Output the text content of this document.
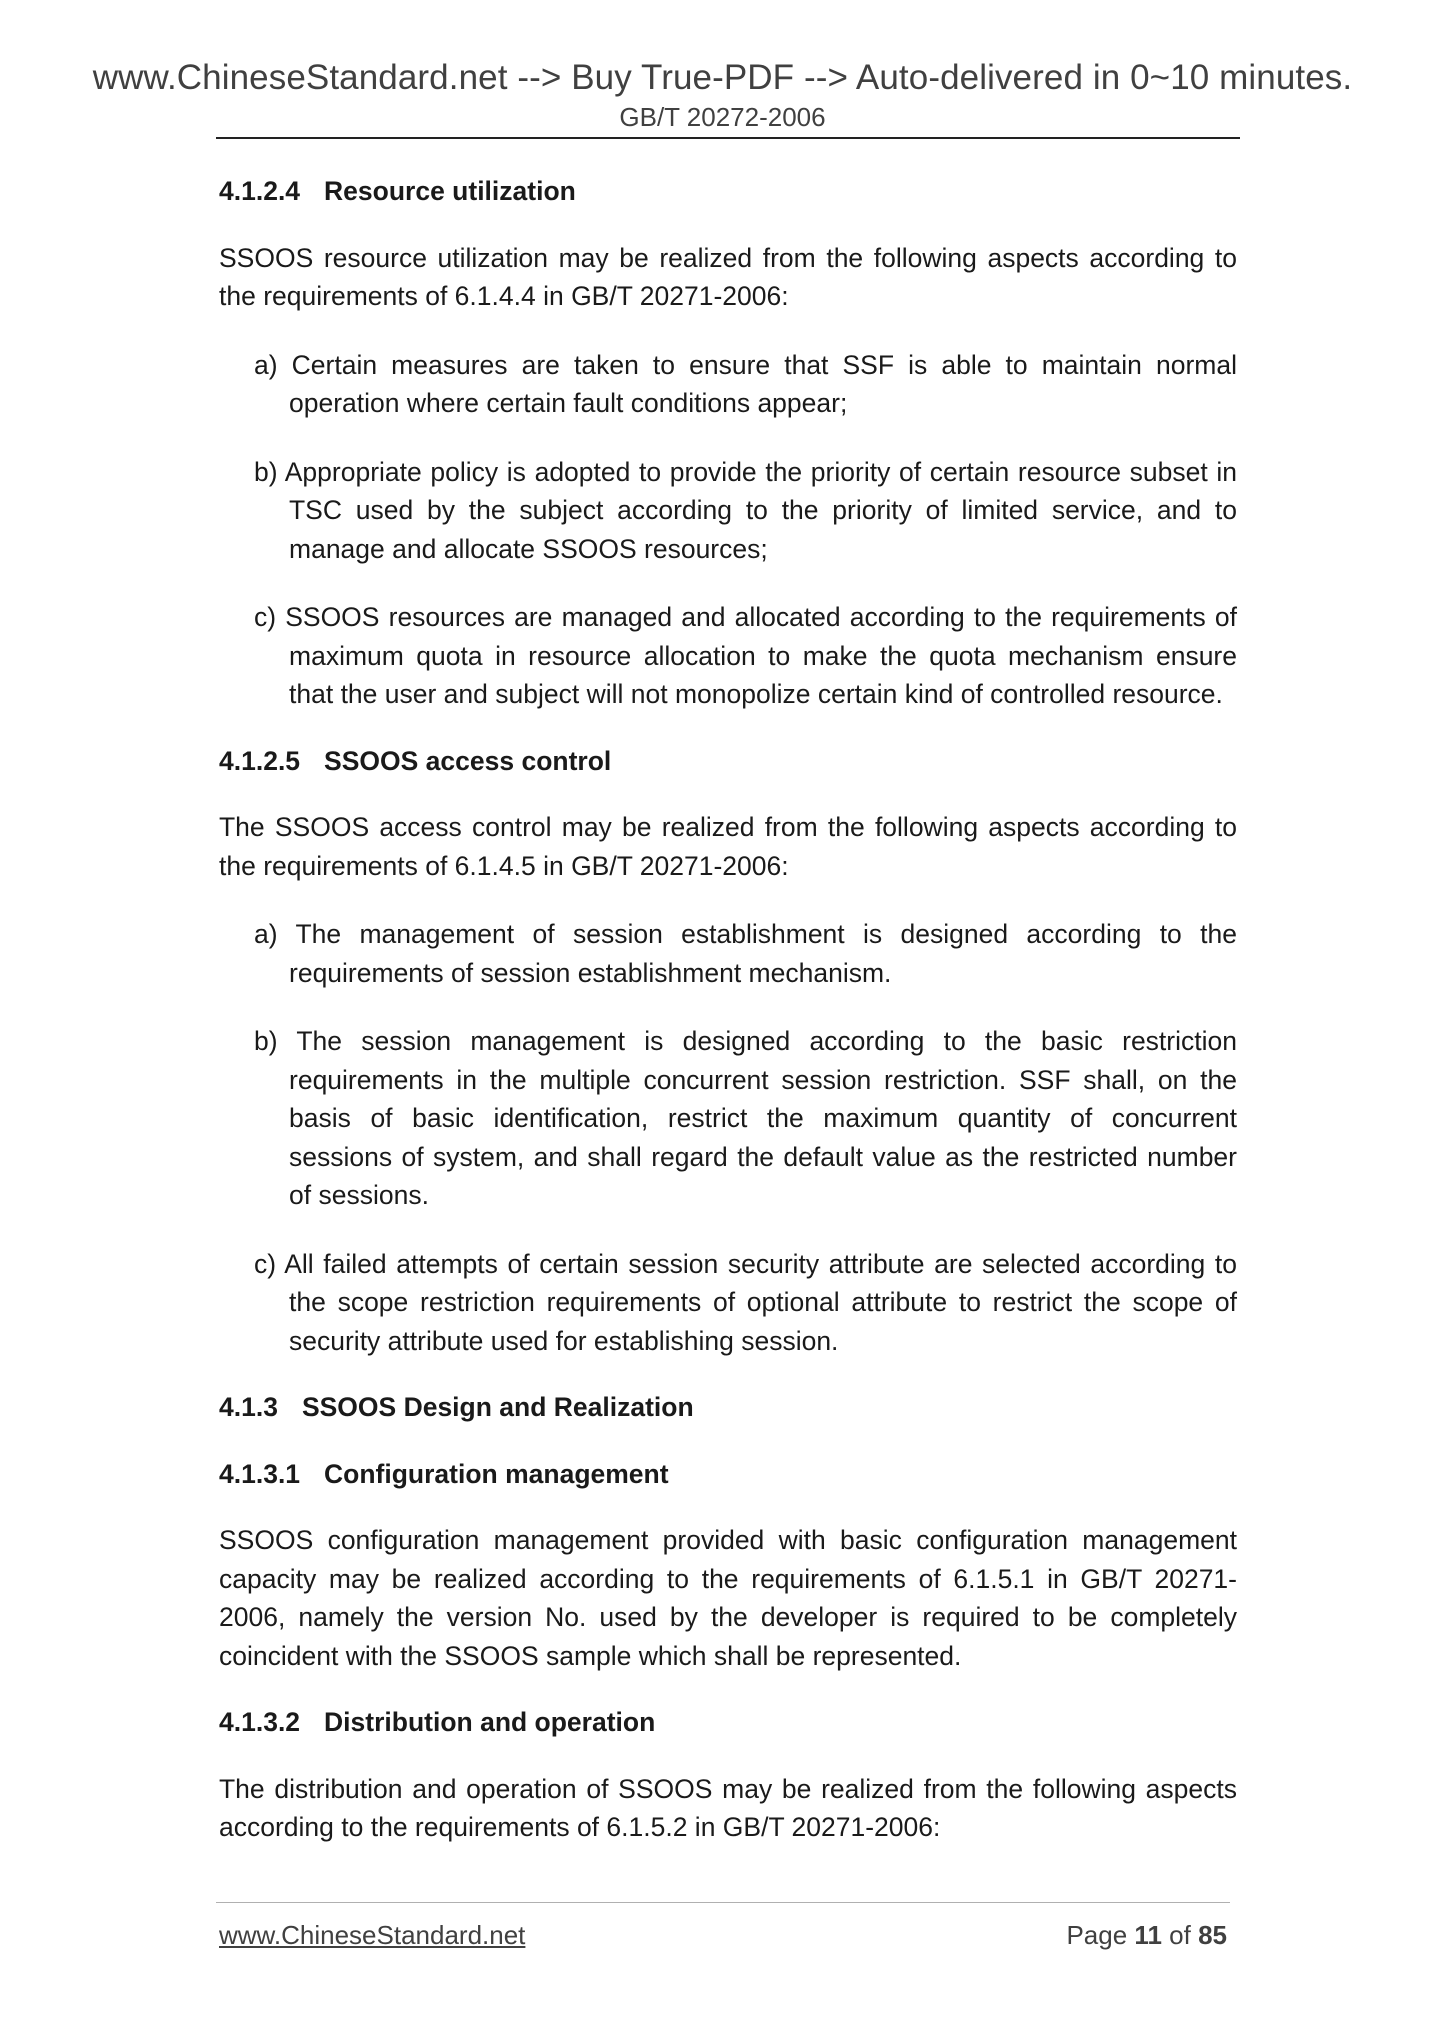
www.ChineseStandard.net --> Buy True-PDF --> Auto-delivered in 0~10 minutes.
GB/T 20272-2006
4.1.2.4 Resource utilization

SSOOS resource utilization may be realized from the following aspects according to the requirements of 6.1.4.4 in GB/T 20271-2006:

a) Certain measures are taken to ensure that SSF is able to maintain normal operation where certain fault conditions appear;

b) Appropriate policy is adopted to provide the priority of certain resource subset in TSC used by the subject according to the priority of limited service, and to manage and allocate SSOOS resources;

c) SSOOS resources are managed and allocated according to the requirements of maximum quota in resource allocation to make the quota mechanism ensure that the user and subject will not monopolize certain kind of controlled resource.

4.1.2.5 SSOOS access control

The SSOOS access control may be realized from the following aspects according to the requirements of 6.1.4.5 in GB/T 20271-2006:

a) The management of session establishment is designed according to the requirements of session establishment mechanism.

b) The session management is designed according to the basic restriction requirements in the multiple concurrent session restriction. SSF shall, on the basis of basic identification, restrict the maximum quantity of concurrent sessions of system, and shall regard the default value as the restricted number of sessions.

c) All failed attempts of certain session security attribute are selected according to the scope restriction requirements of optional attribute to restrict the scope of security attribute used for establishing session.

4.1.3 SSOOS Design and Realization
4.1.3.1 Configuration management

SSOOS configuration management provided with basic configuration management capacity may be realized according to the requirements of 6.1.5.1 in GB/T 20271-2006, namely the version No. used by the developer is required to be completely coincident with the SSOOS sample which shall be represented.

4.1.3.2 Distribution and operation

The distribution and operation of SSOOS may be realized from the following aspects according to the requirements of 6.1.5.2 in GB/T 20271-2006:

www.ChineseStandard.net	Page 11 of 85
